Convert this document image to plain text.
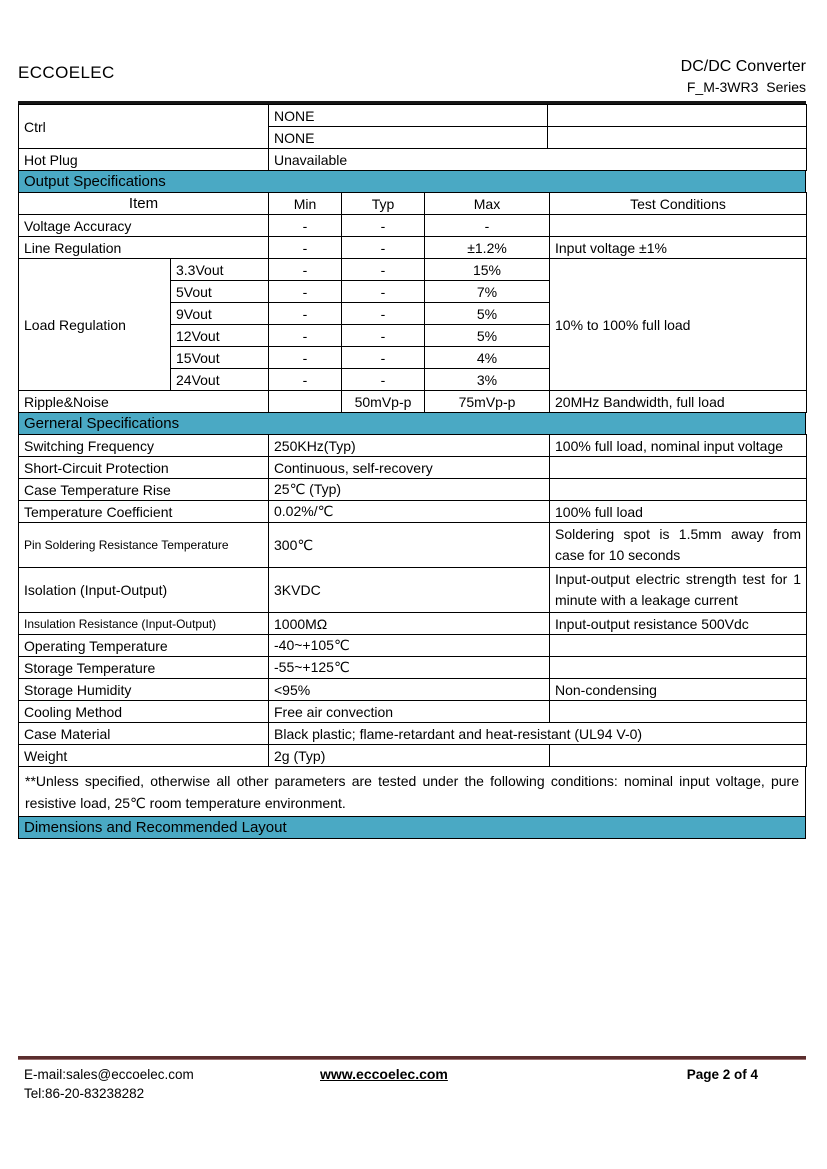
ECCOELEC	DC/DC Converter
F_M-3WR3 Series
Ctrl	NONE	
	NONE	
Hot Plug	Unavailable	
Output Specifications
Item		Min	Typ	Max	Test Conditions
Voltage Accuracy		-	-	-	
Line Regulation		-	-	±1.2%	Input voltage ±1%
Load Regulation	3.3Vout	-	-	15%	10% to 100% full load
	5Vout	-	-	7%	
	9Vout	-	-	5%	
	12Vout	-	-	5%	
	15Vout	-	-	4%	
	24Vout	-	-	3%	
Ripple&Noise			50mVp-p	75mVp-p	20MHz Bandwidth, full load
Gerneral Specifications
Switching Frequency	250KHz(Typ)	100% full load, nominal input voltage
Short-Circuit Protection	Continuous, self-recovery	
Case Temperature Rise	25℃ (Typ)	
Temperature Coefficient	0.02%/℃	100% full load
Pin Soldering Resistance Temperature	300℃	Soldering spot is 1.5mm away from case for 10 seconds
Isolation (Input-Output)	3KVDC	Input-output electric strength test for 1 minute with a leakage current
Insulation Resistance (Input-Output)	1000MΩ	Input-output resistance 500Vdc
Operating Temperature	-40~+105℃	
Storage Temperature	-55~+125℃	
Storage Humidity	<95%	Non-condensing
Cooling Method	Free air convection	
Case Material	Black plastic; flame-retardant and heat-resistant (UL94 V-0)	
Weight	2g (Typ)	
**Unless specified, otherwise all other parameters are tested under the following conditions: nominal input voltage, pure resistive load, 25℃ room temperature environment.
Dimensions and Recommended Layout
E-mail:sales@eccoelec.com
Tel:86-20-83238282
www.eccoelec.com	Page 2 of 4
